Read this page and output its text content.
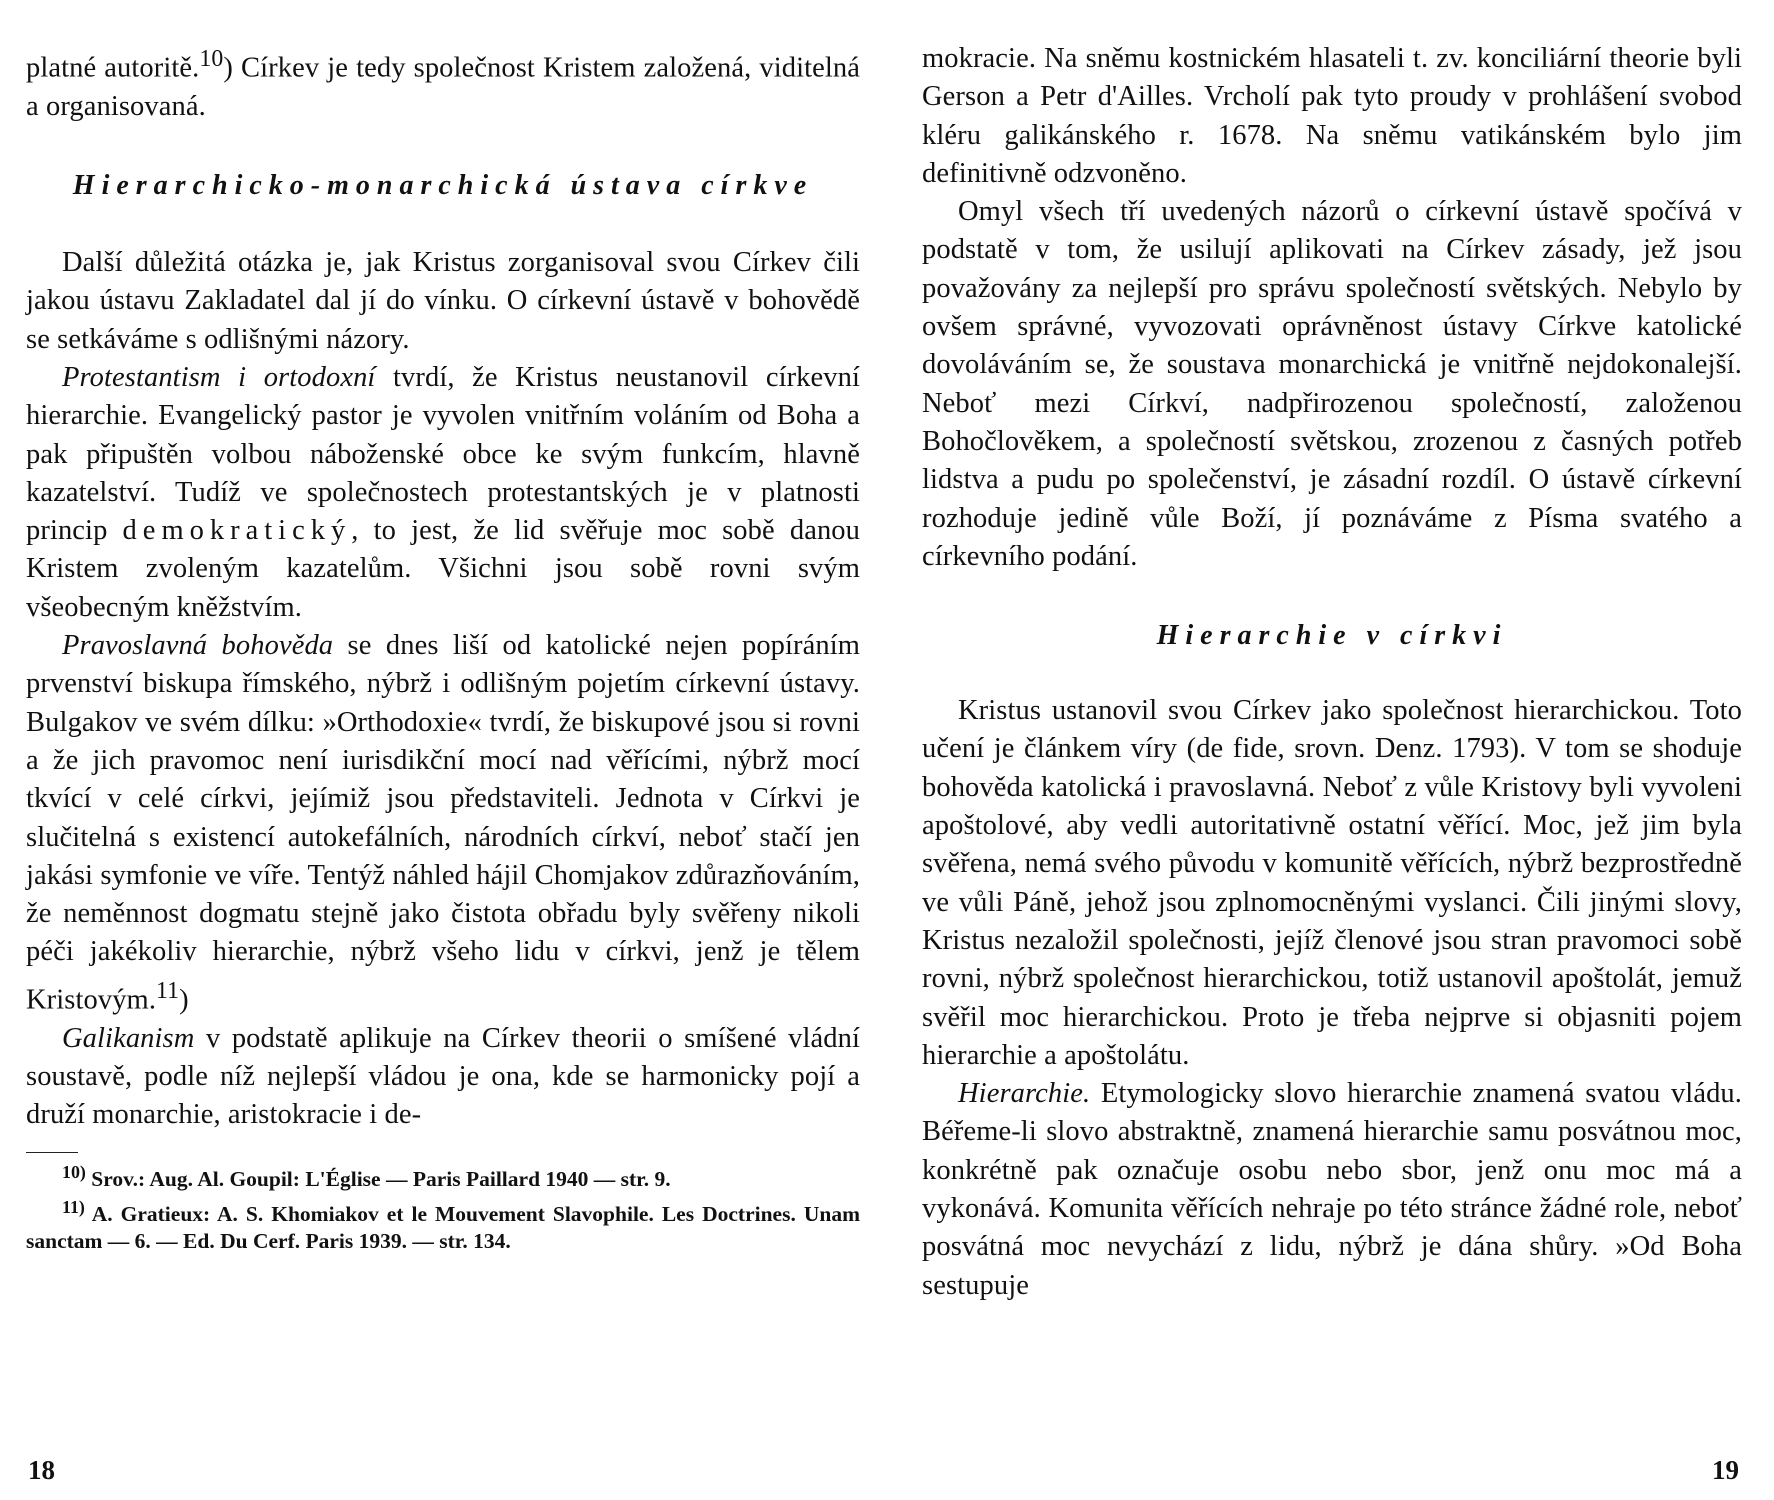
platné autoritě.$^{10}$) Církev je tedy společnost Kristem založená, viditelná a organisovaná.

Hierarchicko-monarchická ústava církve

Další důležitá otázka je, jak Kristus zorganisoval svou Církev čili jakou ústavu Zakladatel dal jí do vínku. O církevní ústavě v bohovědě se setkáváme s odlišnými názory.

Protestantism i ortodoxní tvrdí, že Kristus neustanovil církevní hierarchie. Evangelický pastor je vyvolen vnitřním voláním od Boha a pak připuštěn volbou náboženské obce ke svým funkcím, hlavně kazatelství. Tudíž ve společnostech protestantských je v platnosti princip demokratický, to jest, že lid svěřuje moc sobě danou Kristem zvoleným kazatelům. Všichni jsou sobě rovni svým všeobecným kněžstvím.

Pravoslavná bohověda se dnes liší od katolické nejen popíráním prvenství biskupa římského, nýbrž i odlišným pojetím církevní ústavy. Bulgakov ve svém dílku: »Orthodoxie« tvrdí, že biskupové jsou si rovni a že jich pravomoc není iurisdikční mocí nad věřícími, nýbrž mocí tkvící v celé církvi, jejímiž jsou představiteli. Jednota v Církvi je slučitelná s existencí autokefálních, národních církví, neboť stačí jen jakási symfonie ve víře. Tentýž náhled hájil Chomjakov zdůrazňováním, že neměnnost dogmatu stejně jako čistota obřadu byly svěřeny nikoli péči jakékoliv hierarchie, nýbrž všeho lidu v církvi, jenž je tělem Kristovým.$^{11}$)

Galikanism v podstatě aplikuje na Církev theorii o smíšené vládní soustavě, podle níž nejlepší vládou je ona, kde se harmonicky pojí a druží monarchie, aristokracie i de-

$^{10)}$ Srov.: Aug. Al. Goupil: L'Église — Paris Paillard 1940 — str. 9.

$^{11)}$ A. Gratieux: A. S. Khomiakov et le Mouvement Slavophile. Les Doctrines. Unam sanctam — 6. — Ed. Du Cerf. Paris 1939. — str. 134.

18

mokracie. Na sněmu kostnickém hlasateli t. zv. konciliární theorie byli Gerson a Petr d'Ailles. Vrcholí pak tyto proudy v prohlášení svobod kléru galikánského r. 1678. Na sněmu vatikánském bylo jim definitivně odzvoněno.

Omyl všech tří uvedených názorů o církevní ústavě spočívá v podstatě v tom, že usilují aplikovati na Církev zásady, jež jsou považovány za nejlepší pro správu společností světských. Nebylo by ovšem správné, vyvozovati oprávněnost ústavy Církve katolické dovoláváním se, že soustava monarchická je vnitřně nejdokonalejší. Neboť mezi Církví, nadpřirozenou společností, založenou Bohočlověkem, a společností světskou, zrozenou z časných potřeb lidstva a pudu po společenství, je zásadní rozdíl. O ústavě církevní rozhoduje jedině vůle Boží, jí poznáváme z Písma svatého a církevního podání.

Hierarchie v církvi

Kristus ustanovil svou Církev jako společnost hierarchickou. Toto učení je článkem víry (de fide, srovn. Denz. 1793). V tom se shoduje bohověda katolická i pravoslavná. Neboť z vůle Kristovy byli vyvoleni apoštolové, aby vedli autoritativně ostatní věřící. Moc, jež jim byla svěřena, nemá svého původu v komunitě věřících, nýbrž bezprostředně ve vůli Páně, jehož jsou zplnomocněnými vyslanci. Čili jinými slovy, Kristus nezaložil společnosti, jejíž členové jsou stran pravomoci sobě rovni, nýbrž společnost hierarchickou, totiž ustanovil apoštolát, jemuž svěřil moc hierarchickou. Proto je třeba nejprve si objasniti pojem hierarchie a apoštolátu.

Hierarchie. Etymologicky slovo hierarchie znamená svatou vládu. Béřeme-li slovo abstraktně, znamená hierarchie samu posvátnou moc, konkrétně pak označuje osobu nebo sbor, jenž onu moc má a vykonává. Komunita věřících nehraje po této stránce žádné role, neboť posvátná moc nevychází z lidu, nýbrž je dána shůry. »Od Boha sestupuje

19
